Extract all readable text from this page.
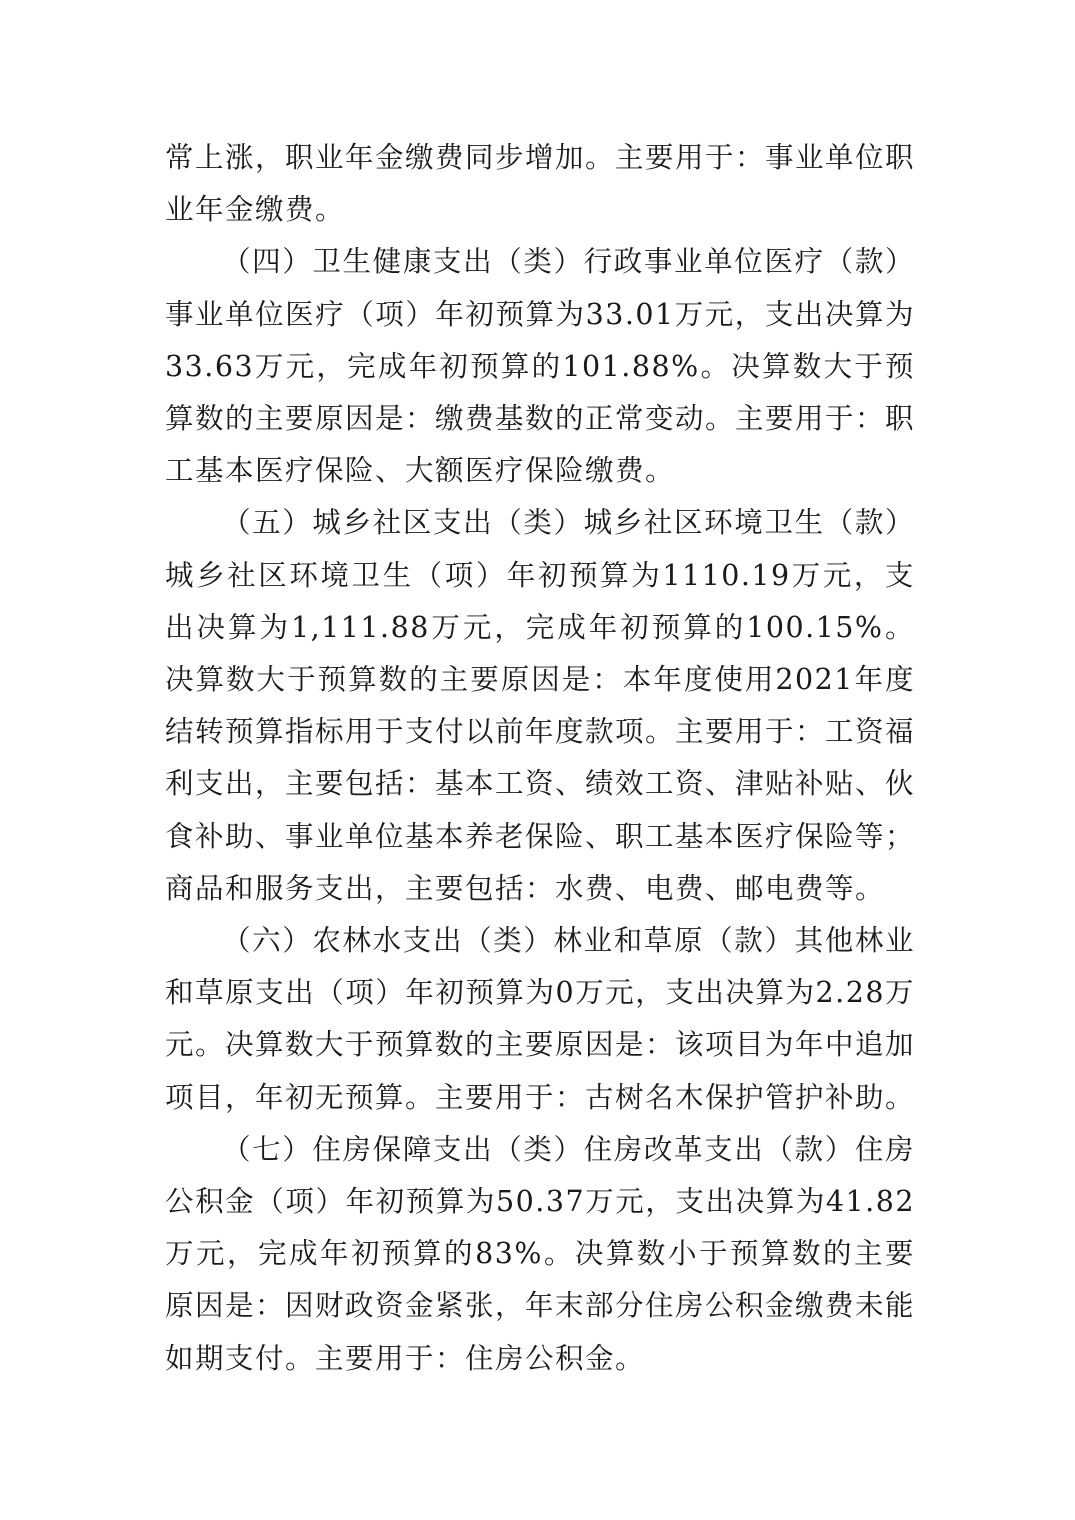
常上涨，职业年金缴费同步增加。主要用于：事业单位职业年金缴费。

（四）卫生健康支出（类）行政事业单位医疗（款）事业单位医疗（项）年初预算为33.01万元，支出决算为33.63万元，完成年初预算的101.88%。决算数大于预算数的主要原因是：缴费基数的正常变动。主要用于：职工基本医疗保险、大额医疗保险缴费。

（五）城乡社区支出（类）城乡社区环境卫生（款）城乡社区环境卫生（项）年初预算为1110.19万元，支出决算为1,111.88万元，完成年初预算的100.15%。决算数大于预算数的主要原因是：本年度使用2021年度结转预算指标用于支付以前年度款项。主要用于：工资福利支出，主要包括：基本工资、绩效工资、津贴补贴、伙食补助、事业单位基本养老保险、职工基本医疗保险等；商品和服务支出，主要包括：水费、电费、邮电费等。

（六）农林水支出（类）林业和草原（款）其他林业和草原支出（项）年初预算为0万元，支出决算为2.28万元。决算数大于预算数的主要原因是：该项目为年中追加项目，年初无预算。主要用于：古树名木保护管护补助。

（七）住房保障支出（类）住房改革支出（款）住房公积金（项）年初预算为50.37万元，支出决算为41.82万元，完成年初预算的83%。决算数小于预算数的主要原因是：因财政资金紧张，年末部分住房公积金缴费未能如期支付。主要用于：住房公积金。
